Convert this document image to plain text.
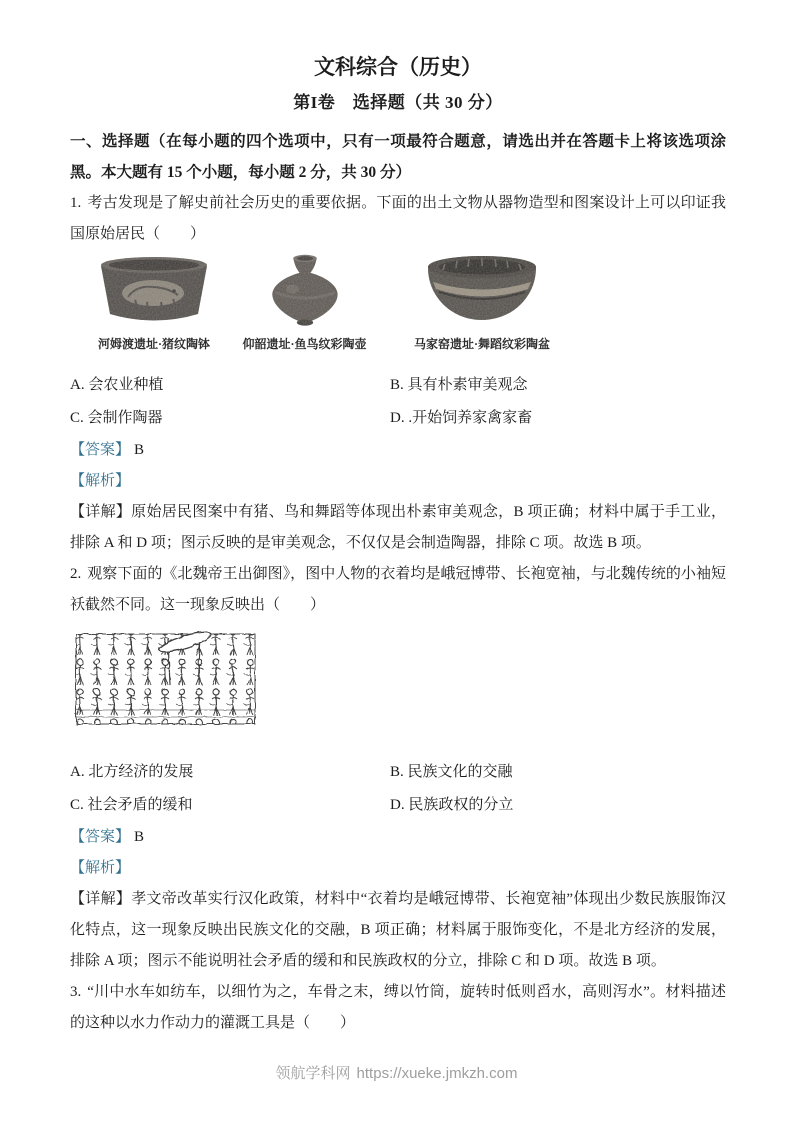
文科综合（历史）
第I卷　选择题（共 30 分）

一、选择题（在每小题的四个选项中，只有一项最符合题意，请选出并在答题卡上将该选项涂黑。本大题有 15 个小题，每小题 2 分，共 30 分）

1. 考古发现是了解史前社会历史的重要依据。下面的出土文物从器物造型和图案设计上可以印证我国原始居民（　　）

河姆渡遗址·猪纹陶钵	仰韶遗址·鱼鸟纹彩陶壶	马家窑遗址·舞蹈纹彩陶盆
A. 会农业种植	B. 具有朴素审美观念
C. 会制作陶器	D. .开始饲养家禽家畜

【答案】 B

【解析】

【详解】原始居民图案中有猪、鸟和舞蹈等体现出朴素审美观念，B 项正确；材料中属于手工业，排除 A 和 D 项；图示反映的是审美观念，不仅仅是会制造陶器，排除 C 项。故选 B 项。

2. 观察下面的《北魏帝王出御图》，图中人物的衣着均是峨冠博带、长袍宽袖，与北魏传统的小袖短袄截然不同。这一现象反映出（　　）

A. 北方经济的发展	B. 民族文化的交融
C. 社会矛盾的缓和	D. 民族政权的分立

【答案】 B

【解析】

【详解】孝文帝改革实行汉化政策，材料中“衣着均是峨冠博带、长袍宽袖”体现出少数民族服饰汉化特点，这一现象反映出民族文化的交融，B 项正确；材料属于服饰变化，不是北方经济的发展，排除 A 项；图示不能说明社会矛盾的缓和和民族政权的分立，排除 C 和 D 项。故选 B 项。

3. “川中水车如纺车，以细竹为之，车骨之末，缚以竹筒，旋转时低则舀水，高则泻水”。材料描述的这种以水力作动力的灌溉工具是（　　）

领航学科网 https://xueke.jmkzh.com
